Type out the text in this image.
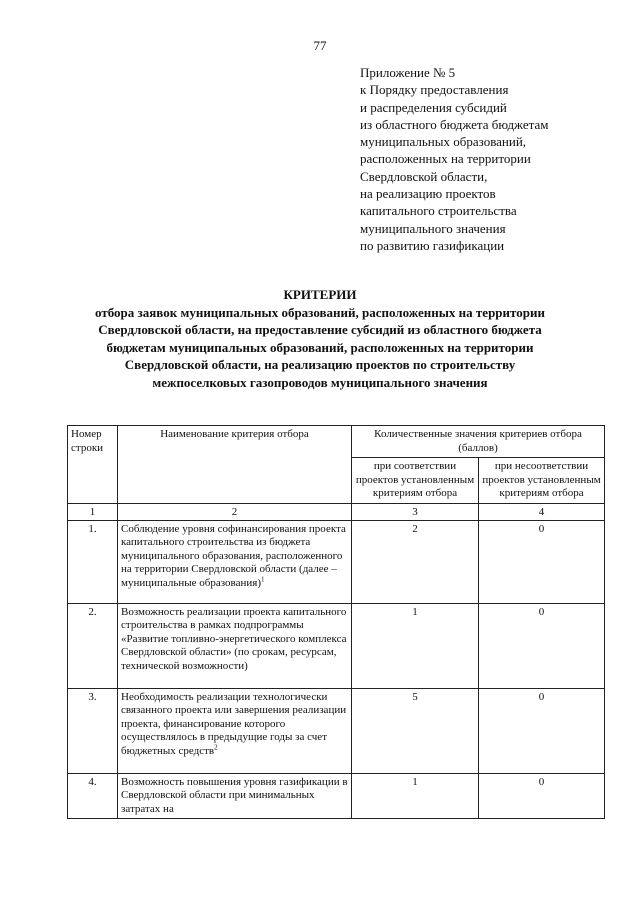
77
Приложение № 5
к Порядку предоставления
и распределения субсидий
из областного бюджета бюджетам
муниципальных образований,
расположенных на территории
Свердловской области,
на реализацию проектов
капитального строительства
муниципального значения
по развитию газификации
КРИТЕРИИ
отбора заявок муниципальных образований, расположенных на территории
Свердловской области, на предоставление субсидий из областного бюджета
бюджетам муниципальных образований, расположенных на территории
Свердловской области, на реализацию проектов по строительству
межпоселковых газопроводов муниципального значения
Номер строки	Наименование критерия отбора	Количественные значения критериев отбора (баллов)	
		при соответствии проектов установленным критериям отбора	при несоответствии проектов установленным критериям отбора
1	2	3	4
1.	Соблюдение уровня софинансирования проекта капитального строительства из бюджета муниципального образования, расположенного на территории Свердловской области (далее – муниципальные образования)$^1$	2	0
2.	Возможность реализации проекта капитального строительства в рамках подпрограммы «Развитие топливно-энергетического комплекса Свердловской области» (по срокам, ресурсам, технической возможности)	1	0
3.	Необходимость реализации технологически связанного проекта или завершения реализации проекта, финансирование которого осуществлялось в предыдущие годы за счет бюджетных средств$^2$	5	0
4.	Возможность повышения уровня газификации в Свердловской области при минимальных затратах на	1	0
